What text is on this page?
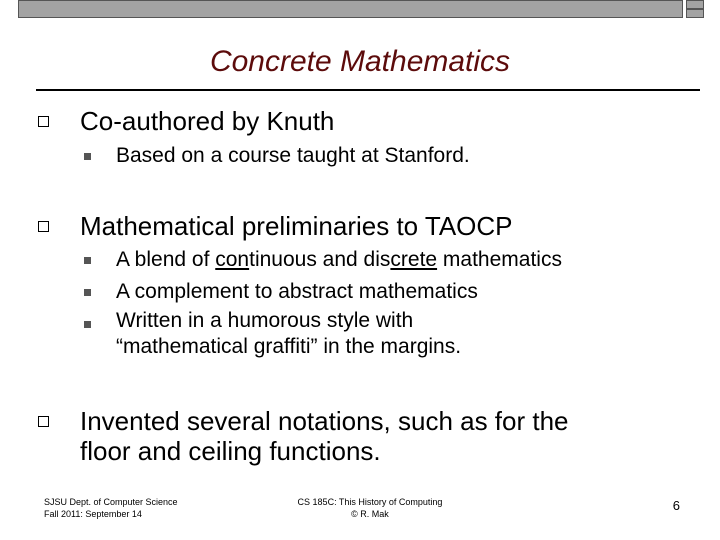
Concrete Mathematics
Co-authored by Knuth
Based on a course taught at Stanford.
Mathematical preliminaries to TAOCP
A blend of continuous and discrete mathematics
A complement to abstract mathematics
Written in a humorous style with
“mathematical graffiti” in the margins.
Invented several notations, such as for the
floor and ceiling functions.
SJSU Dept. of Computer Science
Fall 2011: September 14
CS 185C: This History of Computing
© R. Mak
6
